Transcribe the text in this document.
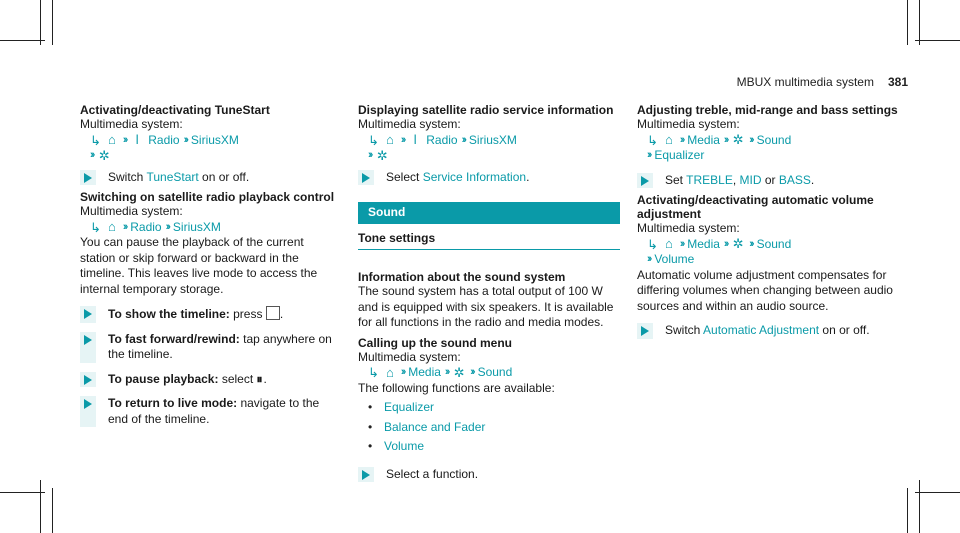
MBUX multimedia system 381

Activating/deactivating TuneStart

Multimedia system:

↳ ⌂ ›› ǀ Radio ›› SiriusXM
›› ✲
Switch TuneStart on or off.

Switching on satellite radio playback control

Multimedia system:

↳ ⌂ ›› Radio ›› SiriusXM

You can pause the playback of the current station or skip forward or backward in the timeline. This leaves live mode to access the internal temporary storage.

To show the timeline: press .
To fast forward/rewind: tap anywhere on the timeline.
To pause playback: select ⏸.
To return to live mode: navigate to the end of the timeline.

Displaying satellite radio service information

Multimedia system:

↳ ⌂ ›› ǀ Radio ›› SiriusXM
›› ✲
Select Service Information.

Sound

Tone settings

Information about the sound system

The sound system has a total output of 100 W and is equipped with six speakers. It is available for all functions in the radio and media modes.

Calling up the sound menu

Multimedia system:

↳ ⌂ ›› Media ›› ✲ ›› Sound

The following functions are available:

• Equalizer
• Balance and Fader
• Volume
Select a function.

Adjusting treble, mid-range and bass settings

Multimedia system:

↳ ⌂ ›› Media ›› ✲ ›› Sound
›› Equalizer
Set TREBLE, MID or BASS.

Activating/deactivating automatic volume adjustment

Multimedia system:

↳ ⌂ ›› Media ›› ✲ ›› Sound
›› Volume

Automatic volume adjustment compensates for differing volumes when changing between audio sources and within an audio source.

Switch Automatic Adjustment on or off.
